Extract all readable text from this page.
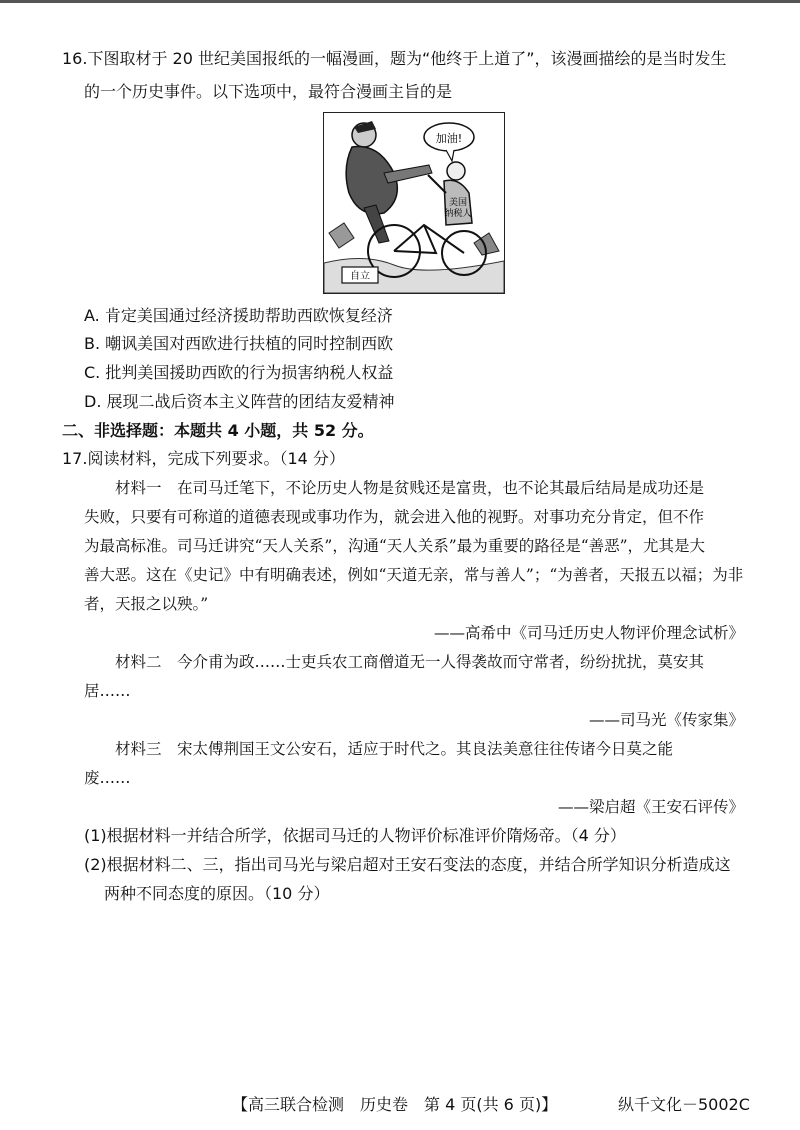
16.下图取材于 20 世纪美国报纸的一幅漫画，题为“他终于上道了”，该漫画描绘的是当时发生
的一个历史事件。以下选项中，最符合漫画主旨的是
加油!
美国
纳税人
自立
A. 肯定美国通过经济援助帮助西欧恢复经济
B. 嘲讽美国对西欧进行扶植的同时控制西欧
C. 批判美国援助西欧的行为损害纳税人权益
D. 展现二战后资本主义阵营的团结友爱精神
二、非选择题：本题共 4 小题，共 52 分。
17.阅读材料，完成下列要求。（14 分）
材料一　在司马迁笔下，不论历史人物是贫贱还是富贵，也不论其最后结局是成功还是
失败，只要有可称道的道德表现或事功作为，就会进入他的视野。对事功充分肯定，但不作
为最高标准。司马迁讲究“天人关系”，沟通“天人关系”最为重要的路径是“善恶”，尤其是大
善大恶。这在《史记》中有明确表述，例如“天道无亲，常与善人”；“为善者，天报五以福；为非
者，天报之以殃。”
——高希中《司马迁历史人物评价理念试析》
材料二　今介甫为政……士吏兵农工商僧道无一人得袭故而守常者，纷纷扰扰，莫安其
居……
——司马光《传家集》
材料三　宋太傅荆国王文公安石，适应于时代之。其良法美意往往传诸今日莫之能
废……
——梁启超《王安石评传》
(1)根据材料一并结合所学，依据司马迁的人物评价标准评价隋炀帝。（4 分）
(2)根据材料二、三，指出司马光与梁启超对王安石变法的态度，并结合所学知识分析造成这
两种不同态度的原因。（10 分）
【高三联合检测　历史卷　第 4 页(共 6 页)】	纵千文化－5002C
